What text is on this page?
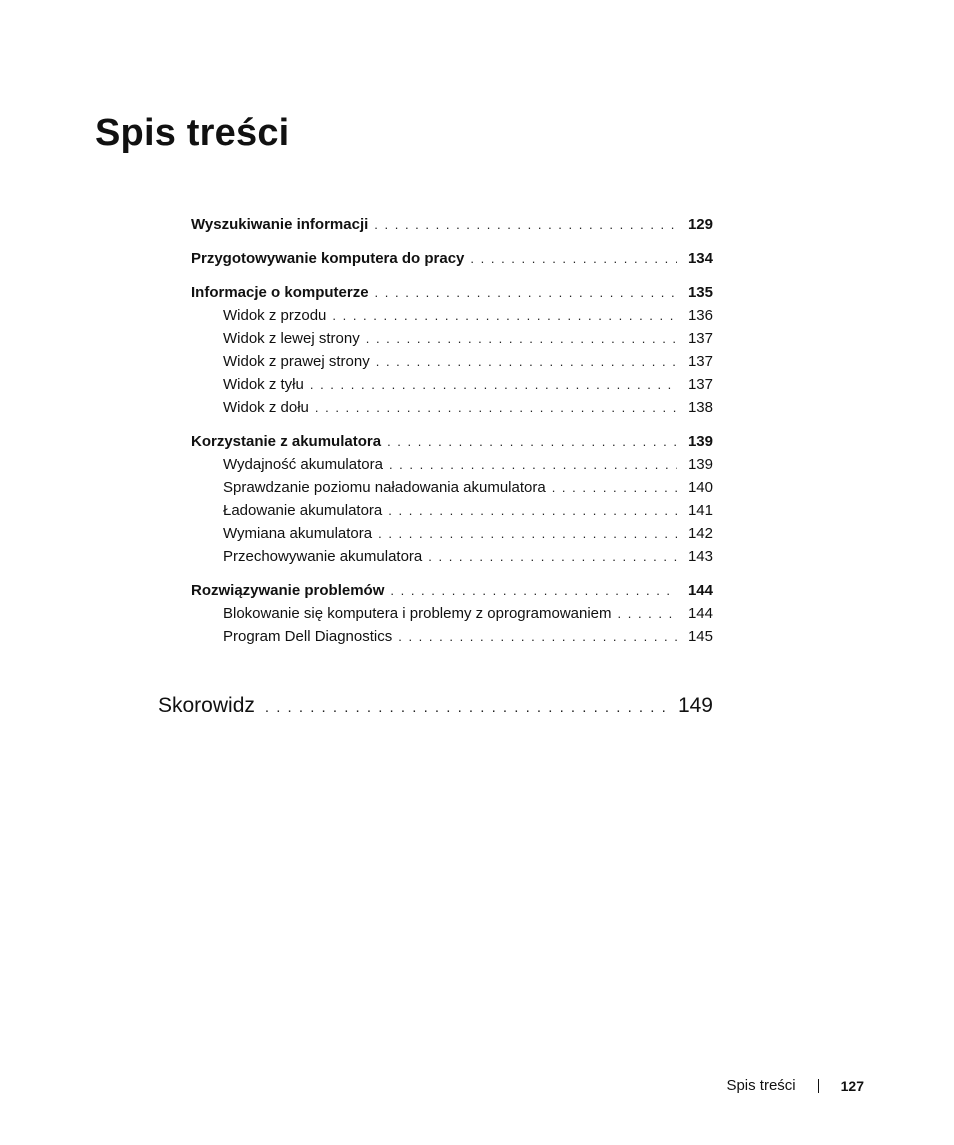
Spis treści
Wyszukiwanie informacji . . .	129
Przygotowywanie komputera do pracy . . .	134
Informacje o komputerze . . .	135
Widok z przodu . . .	136
Widok z lewej strony . . .	137
Widok z prawej strony . . .	137
Widok z tyłu . . .	137
Widok z dołu . . .	138
Korzystanie z akumulatora . . .	139
Wydajność akumulatora . . .	139
Sprawdzanie poziomu naładowania akumulatora . . .	140
Ładowanie akumulatora . . .	141
Wymiana akumulatora . . .	142
Przechowywanie akumulatora . . .	143
Rozwiązywanie problemów . . .	144
Blokowanie się komputera i problemy z oprogramowaniem . . .	144
Program Dell Diagnostics . . .	145
Skorowidz . . .	149
Spis treści	127
